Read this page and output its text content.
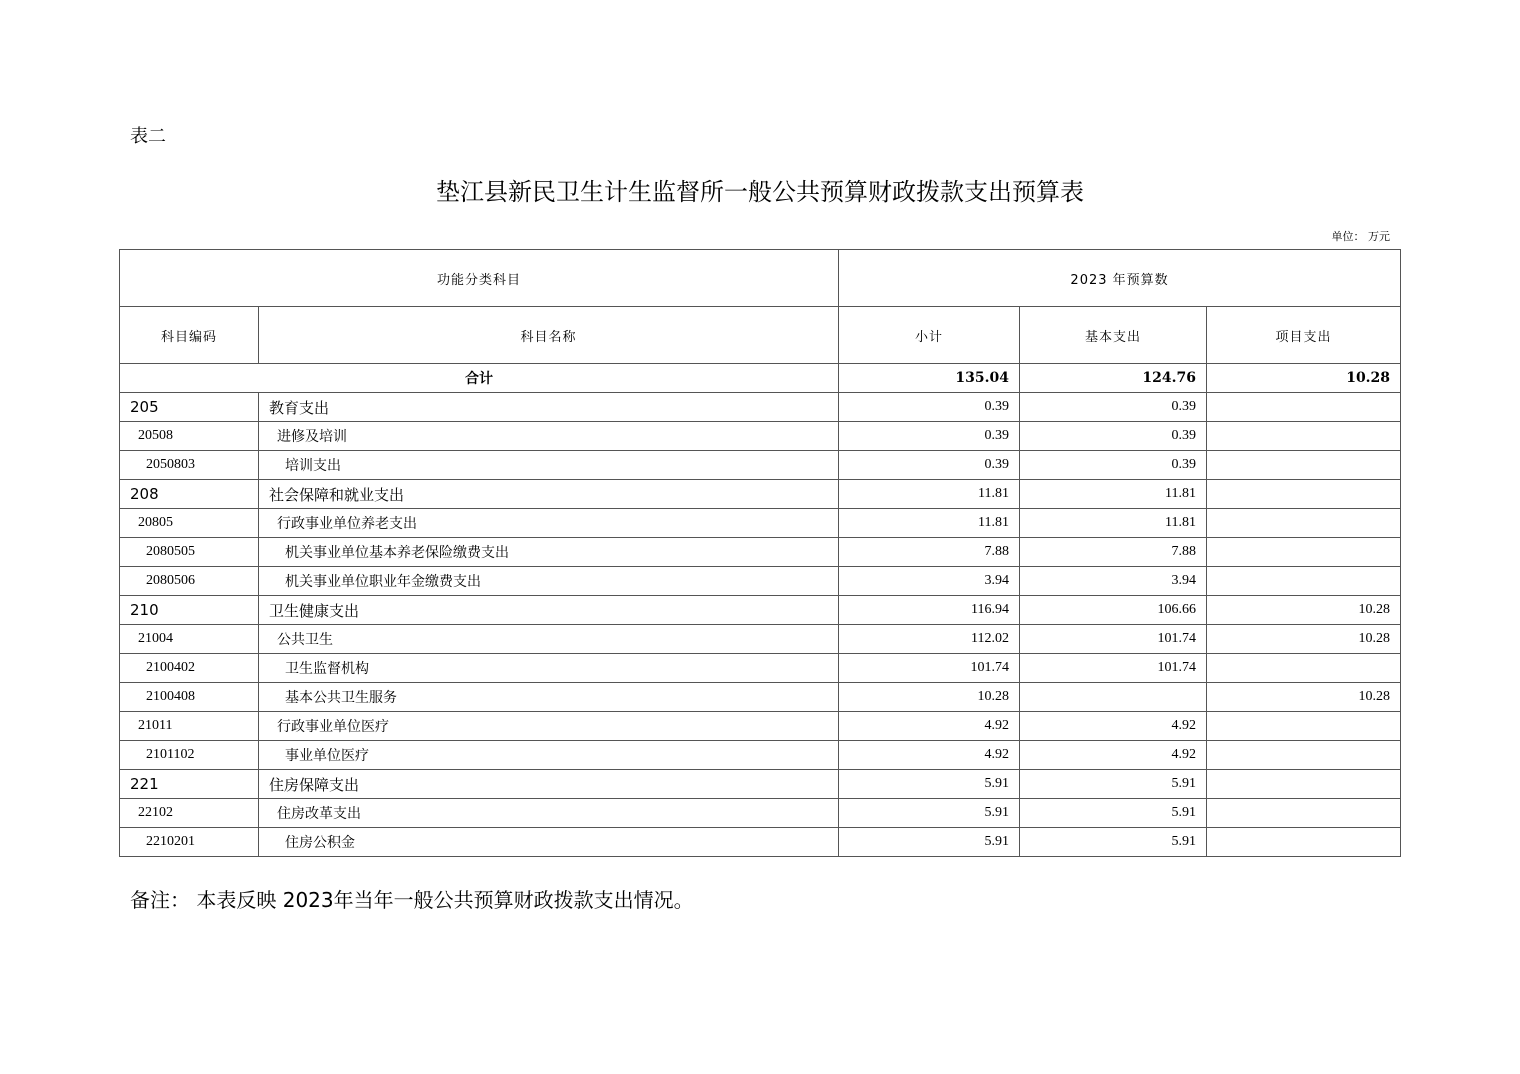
表二
垫江县新民卫生计生监督所一般公共预算财政拨款支出预算表
单位： 万元
功能分类科目		2023 年预算数		
科目编码	科目名称	小计	基本支出	项目支出
合计		135.04	124.76	10.28
205	教育支出	0.39	0.39	
20508	进修及培训	0.39	0.39	
2050803	培训支出	0.39	0.39	
208	社会保障和就业支出	11.81	11.81	
20805	行政事业单位养老支出	11.81	11.81	
2080505	机关事业单位基本养老保险缴费支出	7.88	7.88	
2080506	机关事业单位职业年金缴费支出	3.94	3.94	
210	卫生健康支出	116.94	106.66	10.28
21004	公共卫生	112.02	101.74	10.28
2100402	卫生监督机构	101.74	101.74	
2100408	基本公共卫生服务	10.28		10.28
21011	行政事业单位医疗	4.92	4.92	
2101102	事业单位医疗	4.92	4.92	
221	住房保障支出	5.91	5.91	
22102	住房改革支出	5.91	5.91	
2210201	住房公积金	5.91	5.91	
备注： 本表反映 2023年当年一般公共预算财政拨款支出情况。
